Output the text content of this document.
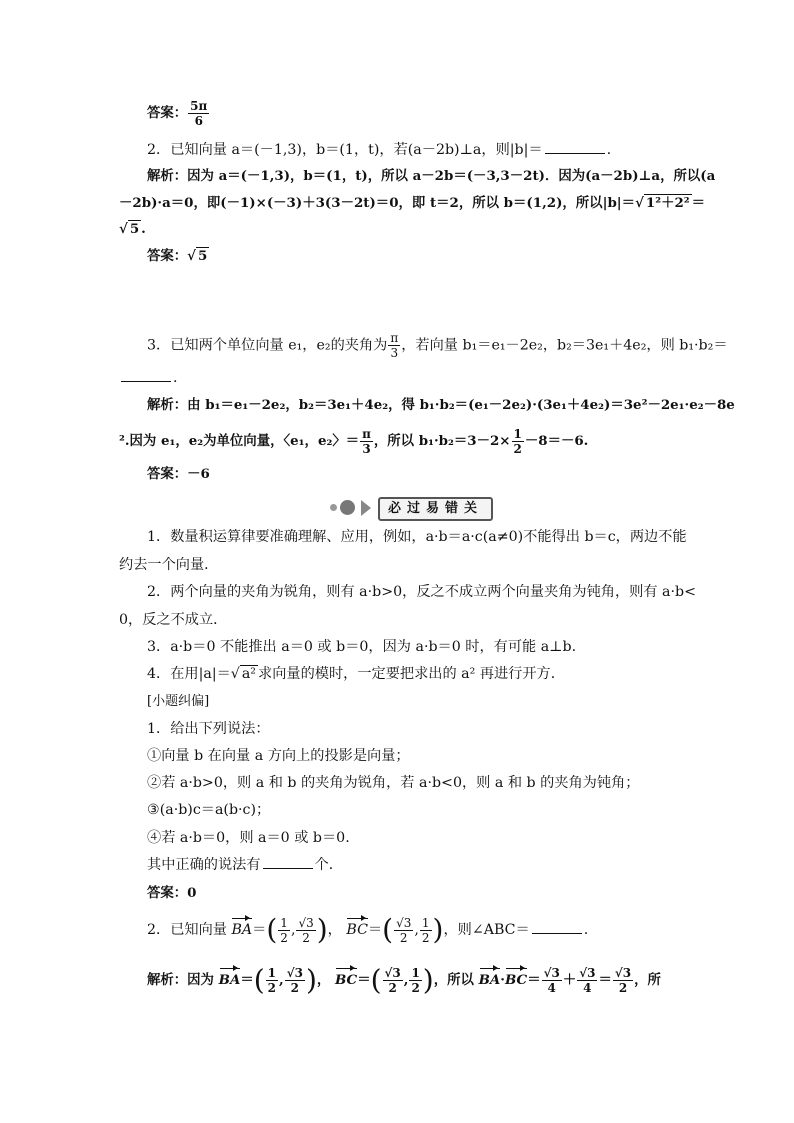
答案： $\frac{5\pi}{6}$
2．已知向量 a＝(－1,3)，b＝(1，t)，若(a－2b)⊥a，则|b|＝	.
解析：因为 a＝(－1,3)，b＝(1，t)，所以 a－2b＝(－3,3－2t)．因为(a－2b)⊥a，所以(a
－2b)·a＝0，即(－1)×(－3)＋3(3－2t)＝0，即 t＝2，所以 b＝(1,2)，所以|b|＝√ 1²＋2² ＝
√ 5 .
答案：√ 5
3．已知两个单位向量 e₁，e₂的夹角为 $\frac{\pi}{3}$ ，若向量 b₁＝e₁－2e₂，b₂＝3e₁＋4e₂，则 b₁·b₂＝
.
解析：由 b₁＝e₁－2e₂，b₂＝3e₁＋4e₂，得 b₁·b₂＝(e₁－2e₂)·(3e₁＋4e₂)＝3e²－2e₁·e₂－8e
².因为 e₁，e₂为单位向量，〈e₁，e₂〉＝ $\frac{\pi}{3}$ ，所以 $b_1\cdot b_2=3-2\times \frac{1}{2} -8=-6$.
答案：－6
必过易错关
1．数量积运算律要准确理解、应用，例如，a·b＝a·c(a≠0)不能得出 b＝c，两边不能
约去一个向量．
2．两个向量的夹角为锐角，则有 a·b>0，反之不成立两个向量夹角为钝角，则有 a·b<
0，反之不成立．
3．a·b＝0 不能推出 a＝0 或 b＝0，因为 a·b＝0 时，有可能 a⊥b.
4．在用|a|＝√ a² 求向量的模时，一定要把求出的 a² 再进行开方．
[小题纠偏]
1．给出下列说法：
①向量 b 在向量 a 方向上的投影是向量；
②若 a·b>0，则 a 和 b 的夹角为锐角，若 a·b<0，则 a 和 b 的夹角为钝角；
③(a·b)c＝a(b·c)；
④若 a·b＝0，则 a＝0 或 b＝0.
其中正确的说法有	个．
答案：0
2．已知向量 $BA=( \frac{1}{2}$ , $\frac{√3}{2}$ )， $BC=( \frac{√3}{2}$ , $\frac{1}{2}$ )，则∠ABC＝	.
解析：因为 $BA=( \frac{1}{2}$ , $\frac{√3}{2}$ )， $BC=( \frac{√3}{2}$ , $\frac{1}{2}$ )，所以 $BA\cdot BC= \frac{√3}{4} + \frac{√3}{4} = \frac{√3}{2}$ ，所
